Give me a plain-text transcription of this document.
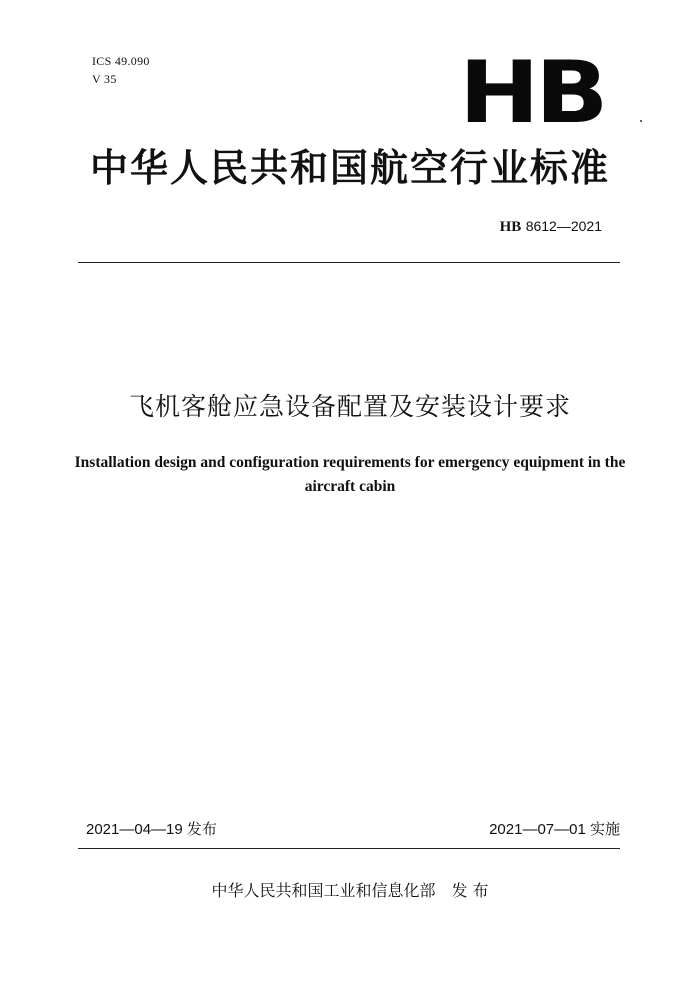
ICS 49.090
V 35	HB
中华人民共和国航空行业标准
HB 8612—2021
飞机客舱应急设备配置及安装设计要求
Installation design and configuration requirements for emergency equipment in the aircraft cabin
2021—04—19 发布	2021—07—01 实施
中华人民共和国工业和信息化部 发 布
